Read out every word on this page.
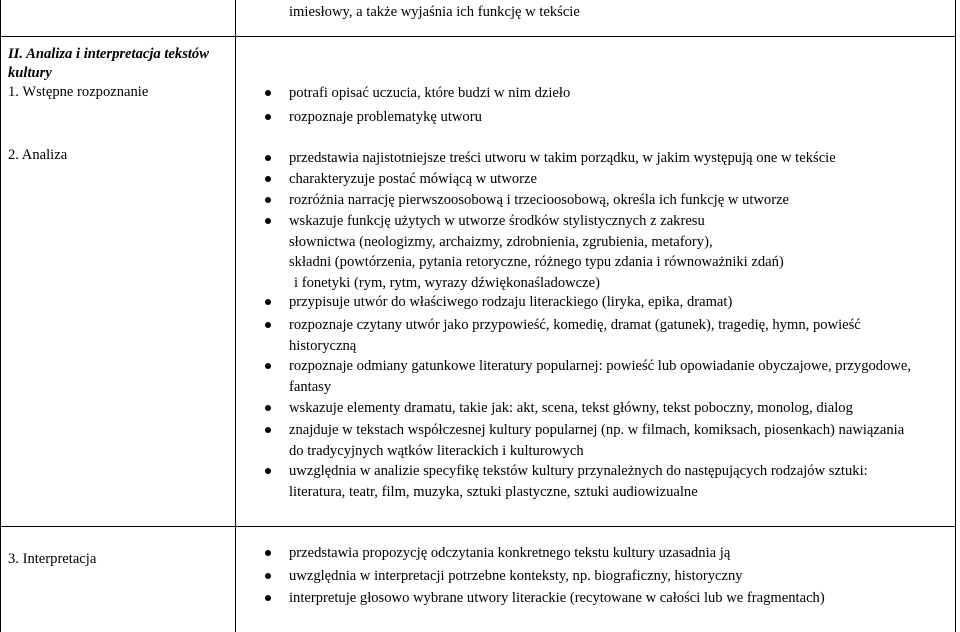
imiesłowy, a także wyjaśnia ich funkcję w tekście
II. Analiza i interpretacja tekstów
kultury
1. Wstępne rozpoznanie
2. Analiza
3. Interpretacja
potrafi opisać uczucia, które budzi w nim dzieło
rozpoznaje problematykę utworu
przedstawia najistotniejsze treści utworu w takim porządku, w jakim występują one w tekście
charakteryzuje postać mówiącą w utworze
rozróżnia narrację pierwszoosobową i trzecioosobową, określa ich funkcję w utworze
wskazuje funkcję użytych w utworze środków stylistycznych z zakresu
słownictwa (neologizmy, archaizmy, zdrobnienia, zgrubienia, metafory),
składni (powtórzenia, pytania retoryczne, różnego typu zdania i równoważniki zdań)
i fonetyki (rym, rytm, wyrazy dźwiękonaśladowcze)
przypisuje utwór do właściwego rodzaju literackiego (liryka, epika, dramat)
rozpoznaje czytany utwór jako przypowieść, komedię, dramat (gatunek), tragedię, hymn, powieść
historyczną
rozpoznaje odmiany gatunkowe literatury popularnej: powieść lub opowiadanie obyczajowe, przygodowe,
fantasy
wskazuje elementy dramatu, takie jak: akt, scena, tekst główny, tekst poboczny, monolog, dialog
znajduje w tekstach współczesnej kultury popularnej (np. w filmach, komiksach, piosenkach) nawiązania
do tradycyjnych wątków literackich i kulturowych
uwzględnia w analizie specyfikę tekstów kultury przynależnych do następujących rodzajów sztuki:
literatura, teatr, film, muzyka, sztuki plastyczne, sztuki audiowizualne
przedstawia propozycję odczytania konkretnego tekstu kultury uzasadnia ją
uwzględnia w interpretacji potrzebne konteksty, np. biograficzny, historyczny
interpretuje głosowo wybrane utwory literackie (recytowane w całości lub we fragmentach)
